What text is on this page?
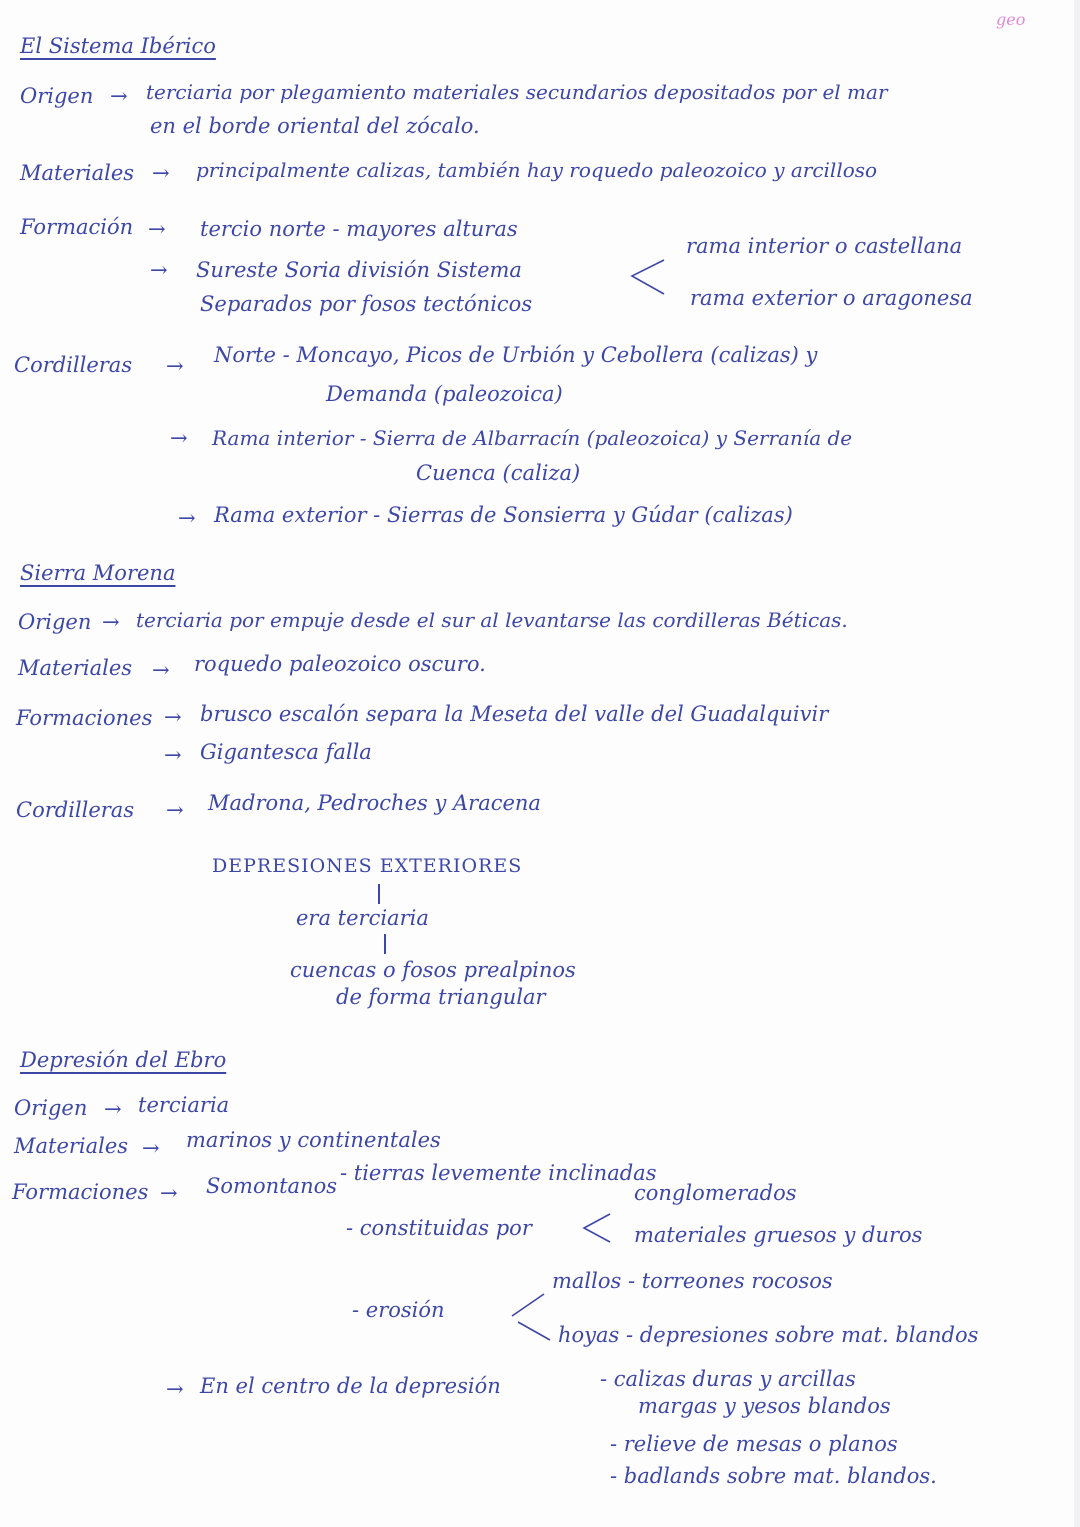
geo
El Sistema Ibérico
Origen → terciaria por plegamiento materiales secundarios depositados por el mar
en el borde oriental del zócalo.
Materiales → principalmente calizas, también hay roquedo paleozoico y arcilloso
Formación → tercio norte - mayores alturas
→ Sureste Soria división Sistema
Separados por fosos tectónicos
rama interior o castellana
rama exterior o aragonesa
Cordilleras → Norte - Moncayo, Picos de Urbión y Cebollera (calizas) y
Demanda (paleozoica)
→ Rama interior - Sierra de Albarracín (paleozoica) y Serranía de
Cuenca (caliza)
→ Rama exterior - Sierras de Sonsierra y Gúdar (calizas)
Sierra Morena
Origen → terciaria por empuje desde el sur al levantarse las cordilleras Béticas.
Materiales → roquedo paleozoico oscuro.
Formaciones → brusco escalón separa la Meseta del valle del Guadalquivir
→ Gigantesca falla
Cordilleras → Madrona, Pedroches y Aracena
DEPRESIONES EXTERIORES
era terciaria
cuencas o fosos prealpinos
de forma triangular
Depresión del Ebro
Origen → terciaria
Materiales → marinos y continentales
Formaciones → Somontanos
- tierras levemente inclinadas
- constituidas por
conglomerados
materiales gruesos y duros
- erosión
mallos - torreones rocosos
hoyas - depresiones sobre mat. blandos
→ En el centro de la depresión	- calizas duras y arcillas
margas y yesos blandos
- relieve de mesas o planos
- badlands sobre mat. blandos.
